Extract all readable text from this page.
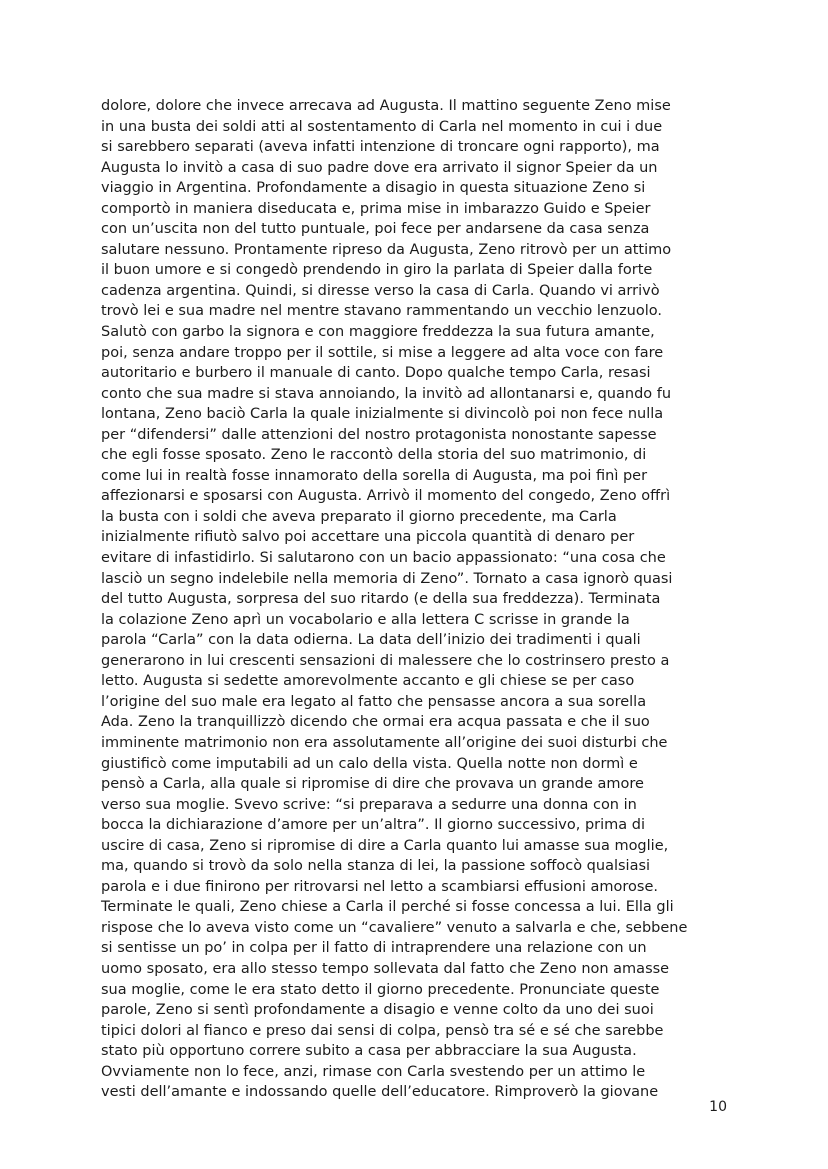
dolore, dolore che invece arrecava ad Augusta. Il mattino seguente Zeno mise
in una busta dei soldi atti al sostentamento di Carla nel momento in cui i due
si sarebbero separati (aveva infatti intenzione di troncare ogni rapporto), ma
Augusta lo invitò a casa di suo padre dove era arrivato il signor Speier da un
viaggio in Argentina. Profondamente a disagio in questa situazione Zeno si
comportò in maniera diseducata e, prima mise in imbarazzo Guido e Speier
con un’uscita non del tutto puntuale, poi fece per andarsene da casa senza
salutare nessuno. Prontamente ripreso da Augusta, Zeno ritrovò per un attimo
il buon umore e si congedò prendendo in giro la parlata di Speier dalla forte
cadenza argentina. Quindi, si diresse verso la casa di Carla. Quando vi arrivò
trovò lei e sua madre nel mentre stavano rammentando un vecchio lenzuolo.
Salutò con garbo la signora e con maggiore freddezza la sua futura amante,
poi, senza andare troppo per il sottile, si mise a leggere ad alta voce con fare
autoritario e burbero il manuale di canto. Dopo qualche tempo Carla, resasi
conto che sua madre si stava annoiando, la invitò ad allontanarsi e, quando fu
lontana, Zeno baciò Carla la quale inizialmente si divincolò poi non fece nulla
per “difendersi” dalle attenzioni del nostro protagonista nonostante sapesse
che egli fosse sposato. Zeno le raccontò della storia del suo matrimonio, di
come lui in realtà fosse innamorato della sorella di Augusta, ma poi finì per
affezionarsi e sposarsi con Augusta. Arrivò il momento del congedo, Zeno offrì
la busta con i soldi che aveva preparato il giorno precedente, ma Carla
inizialmente rifiutò salvo poi accettare una piccola quantità di denaro per
evitare di infastidirlo. Si salutarono con un bacio appassionato: “una cosa che
lasciò un segno indelebile nella memoria di Zeno”. Tornato a casa ignorò quasi
del tutto Augusta, sorpresa del suo ritardo (e della sua freddezza). Terminata
la colazione Zeno aprì un vocabolario e alla lettera C scrisse in grande la
parola “Carla” con la data odierna. La data dell’inizio dei tradimenti i quali
generarono in lui crescenti sensazioni di malessere che lo costrinsero presto a
letto. Augusta si sedette amorevolmente accanto e gli chiese se per caso
l’origine del suo male era legato al fatto che pensasse ancora a sua sorella
Ada. Zeno la tranquillizzò dicendo che ormai era acqua passata e che il suo
imminente matrimonio non era assolutamente all’origine dei suoi disturbi che
giustificò come imputabili ad un calo della vista. Quella notte non dormì e
pensò a Carla, alla quale si ripromise di dire che provava un grande amore
verso sua moglie. Svevo scrive: “si preparava a sedurre una donna con in
bocca la dichiarazione d’amore per un’altra”. Il giorno successivo, prima di
uscire di casa, Zeno si ripromise di dire a Carla quanto lui amasse sua moglie,
ma, quando si trovò da solo nella stanza di lei, la passione soffocò qualsiasi
parola e i due finirono per ritrovarsi nel letto a scambiarsi effusioni amorose.
Terminate le quali, Zeno chiese a Carla il perché si fosse concessa a lui. Ella gli
rispose che lo aveva visto come un “cavaliere” venuto a salvarla e che, sebbene
si sentisse un po’ in colpa per il fatto di intraprendere una relazione con un
uomo sposato, era allo stesso tempo sollevata dal fatto che Zeno non amasse
sua moglie, come le era stato detto il giorno precedente. Pronunciate queste
parole, Zeno si sentì profondamente a disagio e venne colto da uno dei suoi
tipici dolori al fianco e preso dai sensi di colpa, pensò tra sé e sé che sarebbe
stato più opportuno correre subito a casa per abbracciare la sua Augusta.
Ovviamente non lo fece, anzi, rimase con Carla svestendo per un attimo le
vesti dell’amante e indossando quelle dell’educatore. Rimproverò la giovane
10
